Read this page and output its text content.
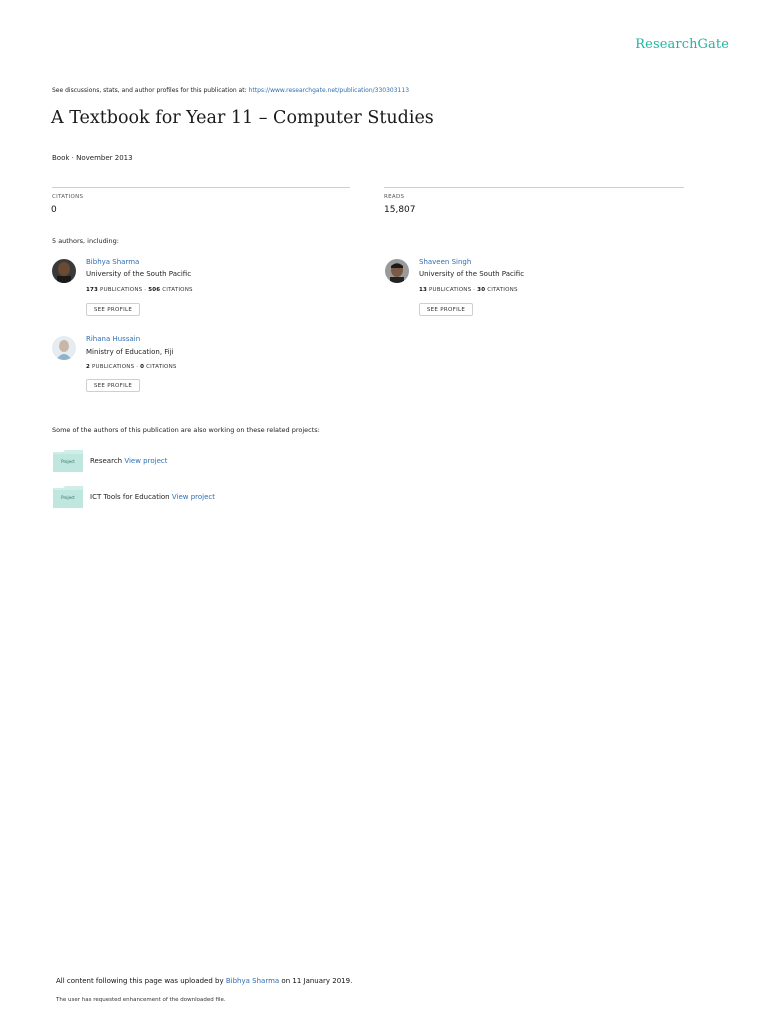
ResearchGate
See discussions, stats, and author profiles for this publication at: https://www.researchgate.net/publication/330303113
A Textbook for Year 11 – Computer Studies
Book · November 2013
CITATIONS
0
READS
15,807
5 authors, including:
Bibhya Sharma
University of the South Pacific
173 PUBLICATIONS · 506 CITATIONS
SEE PROFILE
Shaveen Singh
University of the South Pacific
13 PUBLICATIONS · 30 CITATIONS
SEE PROFILE
Rihana Hussain
Ministry of Education, Fiji
2 PUBLICATIONS · 0 CITATIONS
SEE PROFILE
Some of the authors of this publication are also working on these related projects:
Project	Research View project
Project	ICT Tools for Education View project
All content following this page was uploaded by Bibhya Sharma on 11 January 2019.
The user has requested enhancement of the downloaded file.
